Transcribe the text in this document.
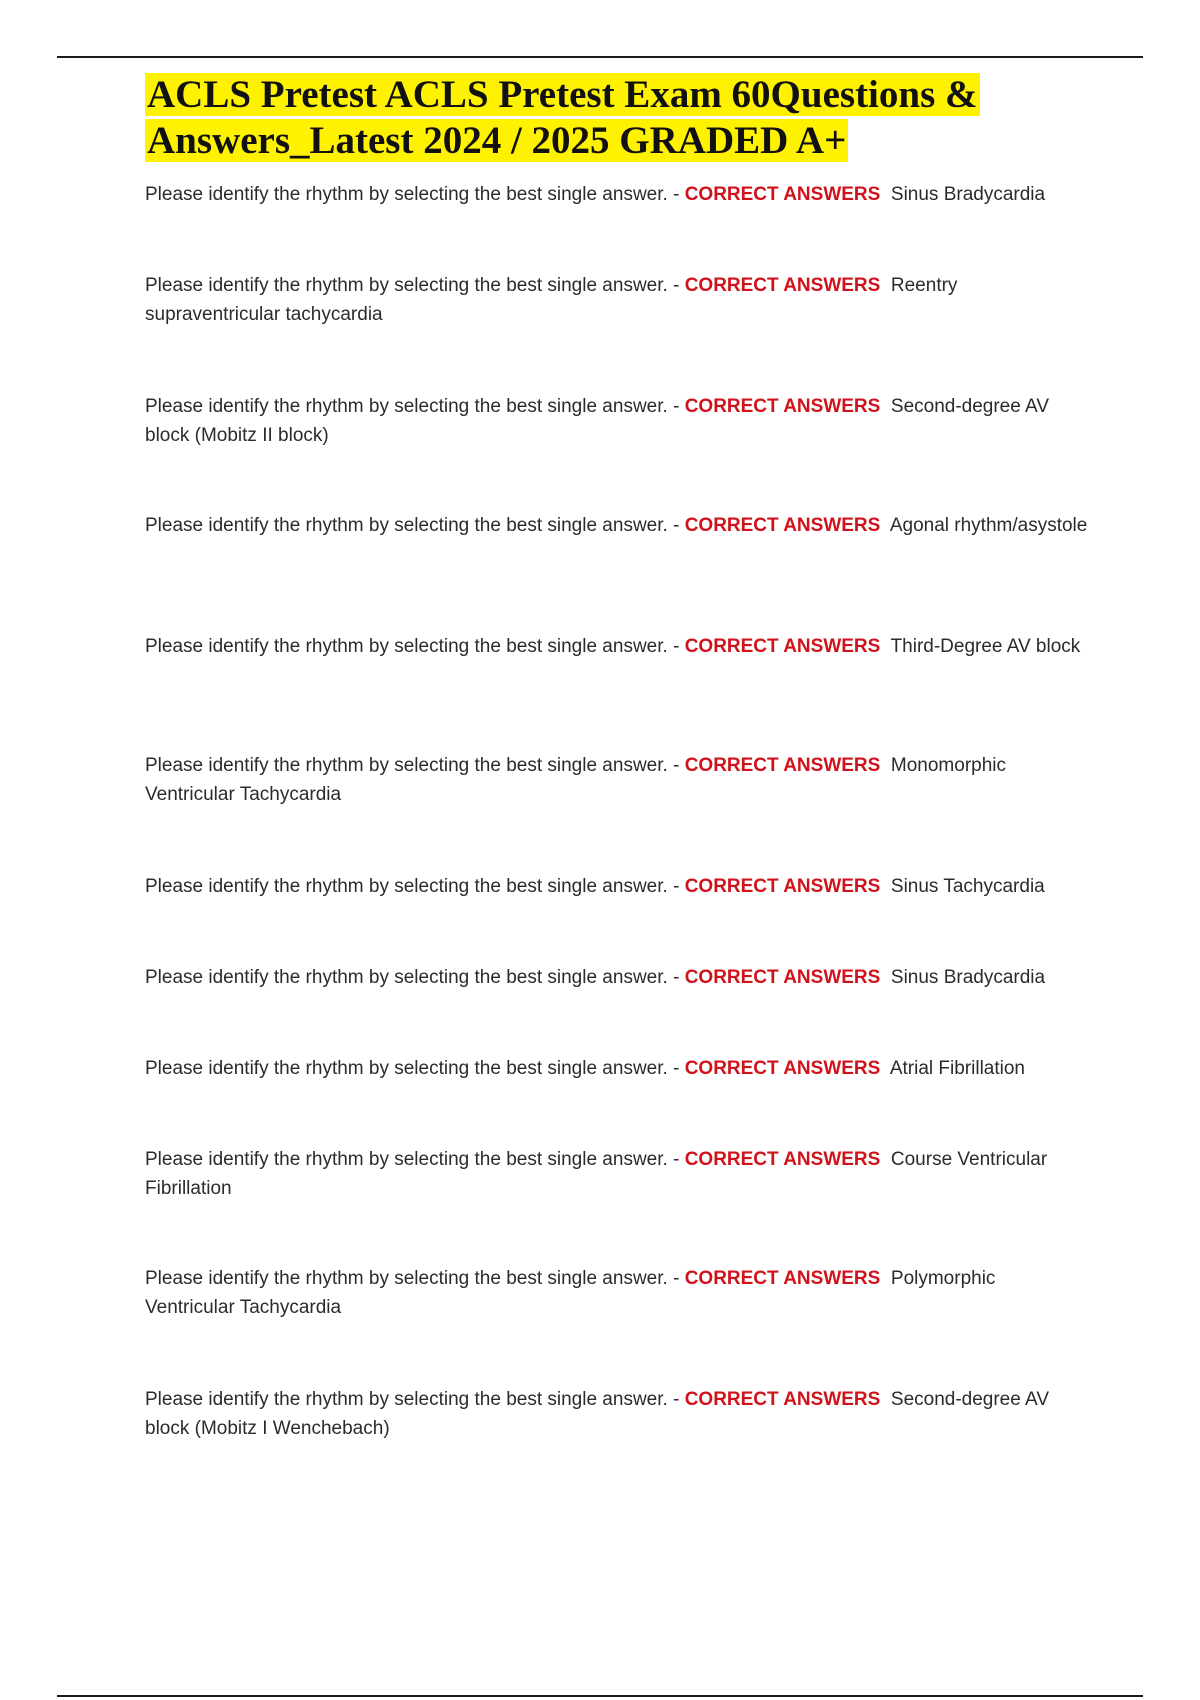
ACLS Pretest ACLS Pretest Exam 60Questions &
Answers_Latest 2024 / 2025 GRADED A+
Please identify the rhythm by selecting the best single answer. - CORRECT ANSWERS Sinus Bradycardia
Please identify the rhythm by selecting the best single answer. - CORRECT ANSWERS Reentry supraventricular tachycardia
Please identify the rhythm by selecting the best single answer. - CORRECT ANSWERS Second-degree AV block (Mobitz II block)
Please identify the rhythm by selecting the best single answer. - CORRECT ANSWERS Agonal rhythm/asystole
Please identify the rhythm by selecting the best single answer. - CORRECT ANSWERS Third-Degree AV block
Please identify the rhythm by selecting the best single answer. - CORRECT ANSWERS Monomorphic Ventricular Tachycardia
Please identify the rhythm by selecting the best single answer. - CORRECT ANSWERS Sinus Tachycardia
Please identify the rhythm by selecting the best single answer. - CORRECT ANSWERS Sinus Bradycardia
Please identify the rhythm by selecting the best single answer. - CORRECT ANSWERS Atrial Fibrillation
Please identify the rhythm by selecting the best single answer. - CORRECT ANSWERS Course Ventricular Fibrillation
Please identify the rhythm by selecting the best single answer. - CORRECT ANSWERS Polymorphic Ventricular Tachycardia
Please identify the rhythm by selecting the best single answer. - CORRECT ANSWERS Second-degree AV block (Mobitz I Wenchebach)
